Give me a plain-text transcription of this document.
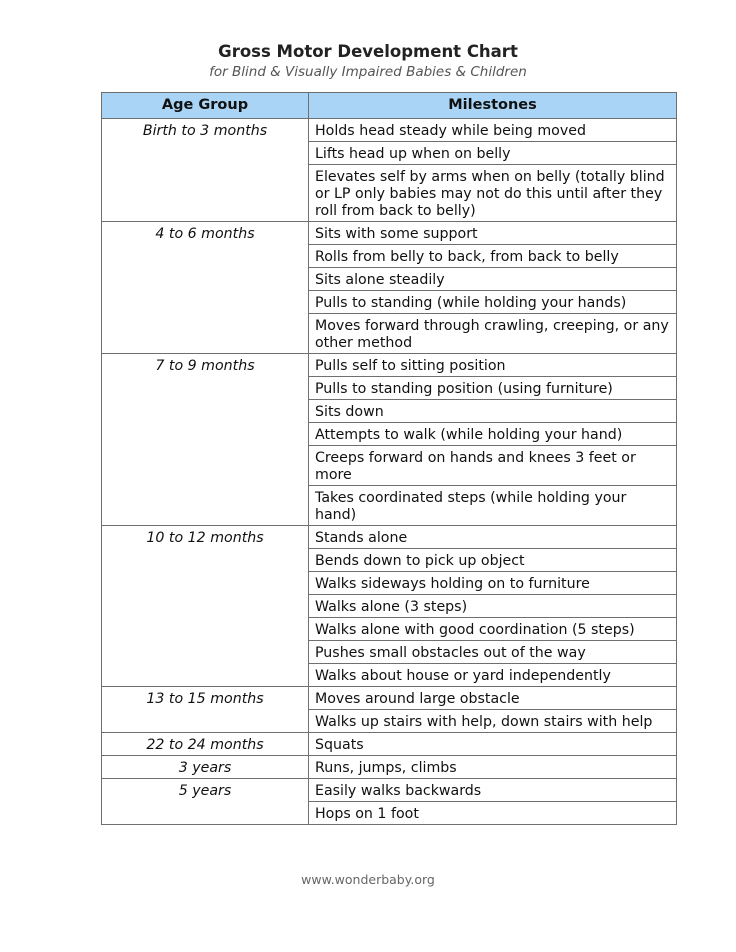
Gross Motor Development Chart
for Blind & Visually Impaired Babies & Children
Age Group	Milestones
Birth to 3 months	Holds head steady while being moved
	Lifts head up when on belly
	Elevates self by arms when on belly (totally blind or LP only babies may not do this until after they roll from back to belly)
4 to 6 months	Sits with some support
	Rolls from belly to back, from back to belly
	Sits alone steadily
	Pulls to standing (while holding your hands)
	Moves forward through crawling, creeping, or any other method
7 to 9 months	Pulls self to sitting position
	Pulls to standing position (using furniture)
	Sits down
	Attempts to walk (while holding your hand)
	Creeps forward on hands and knees 3 feet or more
	Takes coordinated steps (while holding your hand)
10 to 12 months	Stands alone
	Bends down to pick up object
	Walks sideways holding on to furniture
	Walks alone (3 steps)
	Walks alone with good coordination (5 steps)
	Pushes small obstacles out of the way
	Walks about house or yard independently
13 to 15 months	Moves around large obstacle
	Walks up stairs with help, down stairs with help
22 to 24 months	Squats
3 years	Runs, jumps, climbs
5 years	Easily walks backwards
	Hops on 1 foot
www.wonderbaby.org
